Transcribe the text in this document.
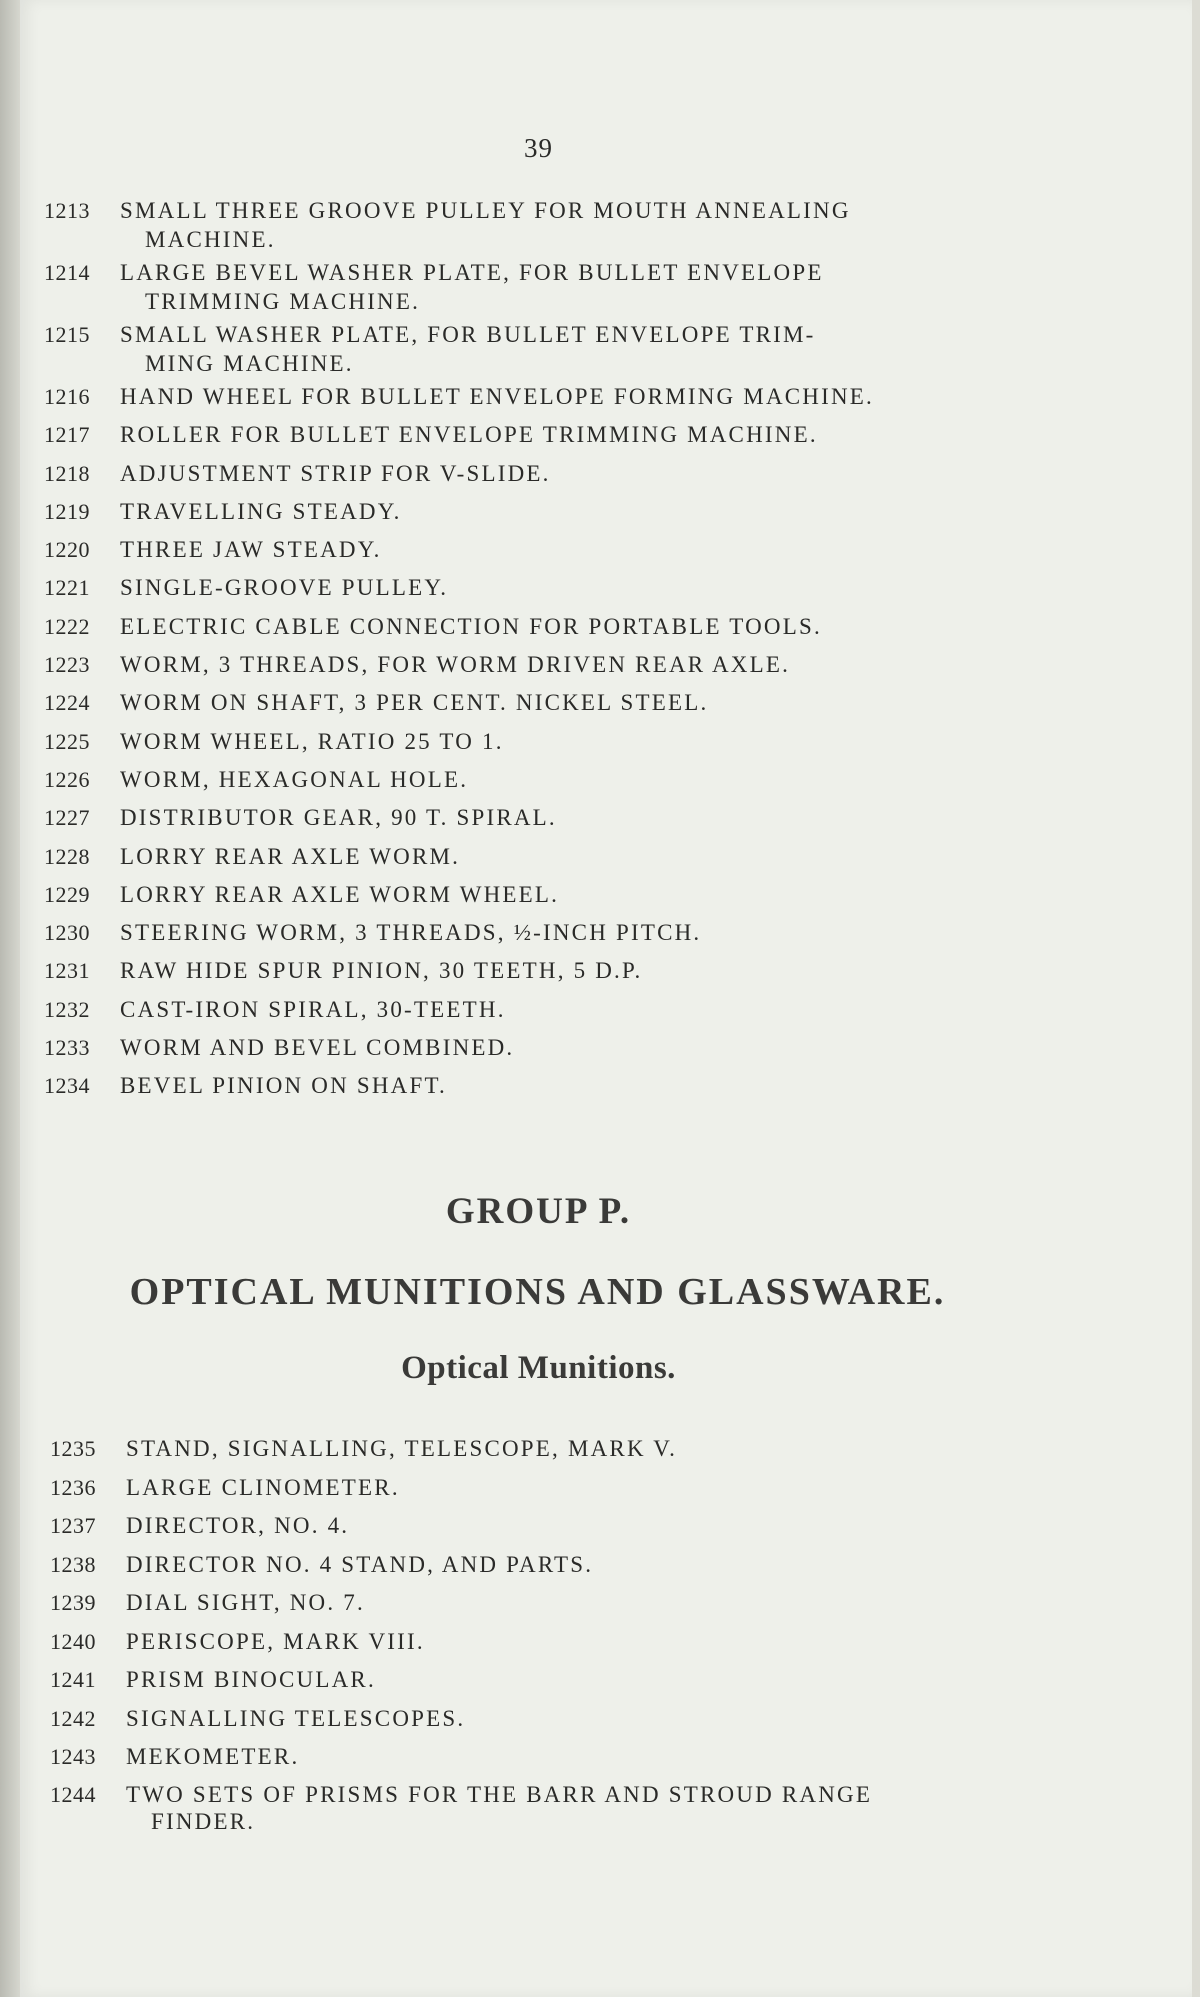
39
1213	SMALL THREE GROOVE PULLEY FOR MOUTH ANNEALING
MACHINE.
1214	LARGE BEVEL WASHER PLATE, FOR BULLET ENVELOPE
TRIMMING MACHINE.
1215	SMALL WASHER PLATE, FOR BULLET ENVELOPE TRIM-
MING MACHINE.
1216	HAND WHEEL FOR BULLET ENVELOPE FORMING MACHINE.
1217	ROLLER FOR BULLET ENVELOPE TRIMMING MACHINE.
1218	ADJUSTMENT STRIP FOR V-SLIDE.
1219	TRAVELLING STEADY.
1220	THREE JAW STEADY.
1221	SINGLE-GROOVE PULLEY.
1222	ELECTRIC CABLE CONNECTION FOR PORTABLE TOOLS.
1223	WORM, 3 THREADS, FOR WORM DRIVEN REAR AXLE.
1224	WORM ON SHAFT, 3 PER CENT. NICKEL STEEL.
1225	WORM WHEEL, RATIO 25 TO 1.
1226	WORM, HEXAGONAL HOLE.
1227	DISTRIBUTOR GEAR, 90 T. SPIRAL.
1228	LORRY REAR AXLE WORM.
1229	LORRY REAR AXLE WORM WHEEL.
1230	STEERING WORM, 3 THREADS, ½-INCH PITCH.
1231	RAW HIDE SPUR PINION, 30 TEETH, 5 D.P.
1232	CAST-IRON SPIRAL, 30-TEETH.
1233	WORM AND BEVEL COMBINED.
1234	BEVEL PINION ON SHAFT.
GROUP P.
OPTICAL MUNITIONS AND GLASSWARE.
Optical Munitions.
1235	STAND, SIGNALLING, TELESCOPE, MARK V.
1236	LARGE CLINOMETER.
1237	DIRECTOR, NO. 4.
1238	DIRECTOR NO. 4 STAND, AND PARTS.
1239	DIAL SIGHT, NO. 7.
1240	PERISCOPE, MARK VIII.
1241	PRISM BINOCULAR.
1242	SIGNALLING TELESCOPES.
1243	MEKOMETER.
1244	TWO SETS OF PRISMS FOR THE BARR AND STROUD RANGE
FINDER.
